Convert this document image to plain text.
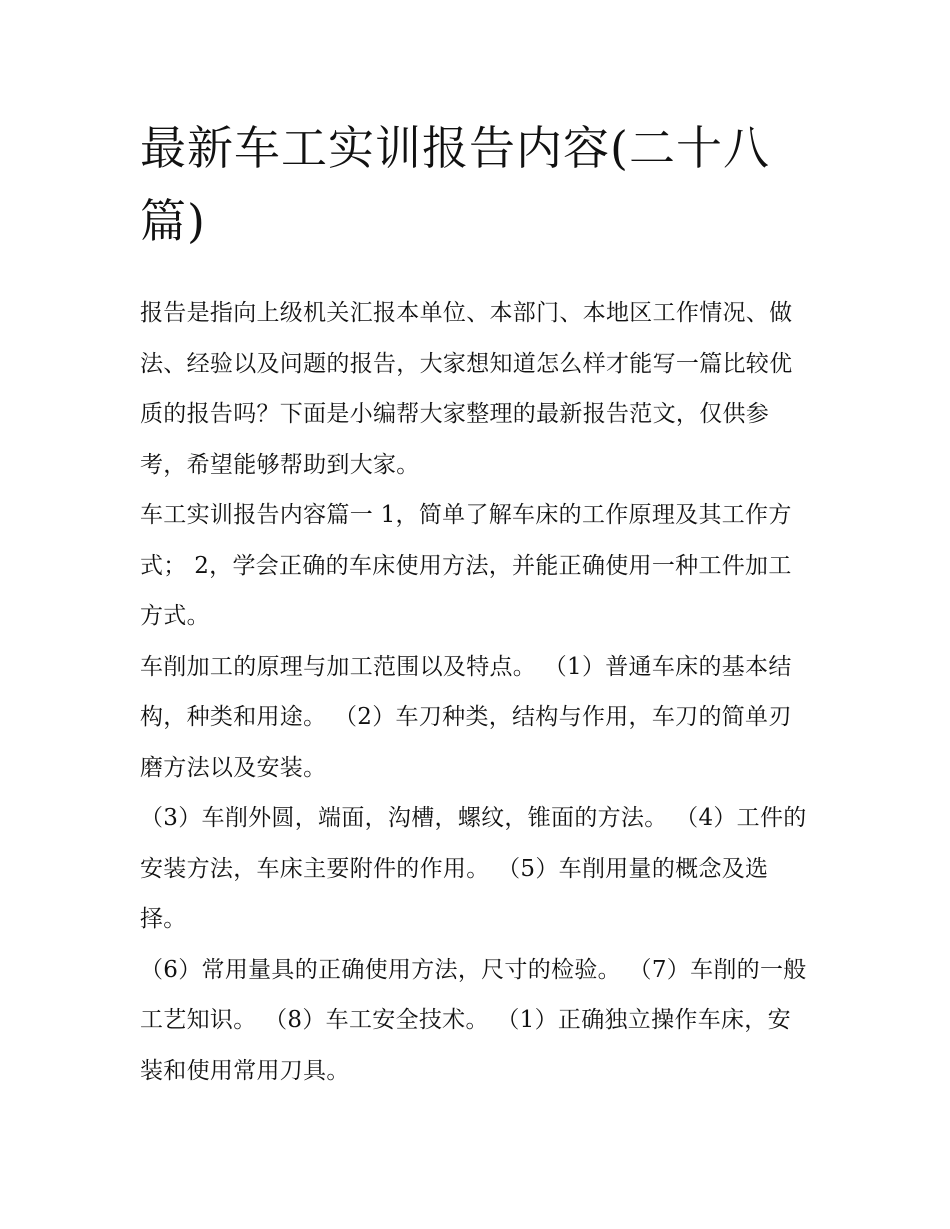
最新车工实训报告内容(二十八篇)

报告是指向上级机关汇报本单位、本部门、本地区工作情况、做法、经验以及问题的报告，大家想知道怎么样才能写一篇比较优质的报告吗？下面是小编帮大家整理的最新报告范文，仅供参考，希望能够帮助到大家。

车工实训报告内容篇一 1，简单了解车床的工作原理及其工作方式； 2，学会正确的车床使用方法，并能正确使用一种工件加工方式。

车削加工的原理与加工范围以及特点。 （1）普通车床的基本结构，种类和用途。 （2）车刀种类，结构与作用，车刀的简单刃磨方法以及安装。

（3）车削外圆，端面，沟槽，螺纹，锥面的方法。 （4）工件的安装方法，车床主要附件的作用。 （5）车削用量的概念及选择。

（6）常用量具的正确使用方法，尺寸的检验。 （7）车削的一般工艺知识。 （8）车工安全技术。 （1）正确独立操作车床，安装和使用常用刀具。
